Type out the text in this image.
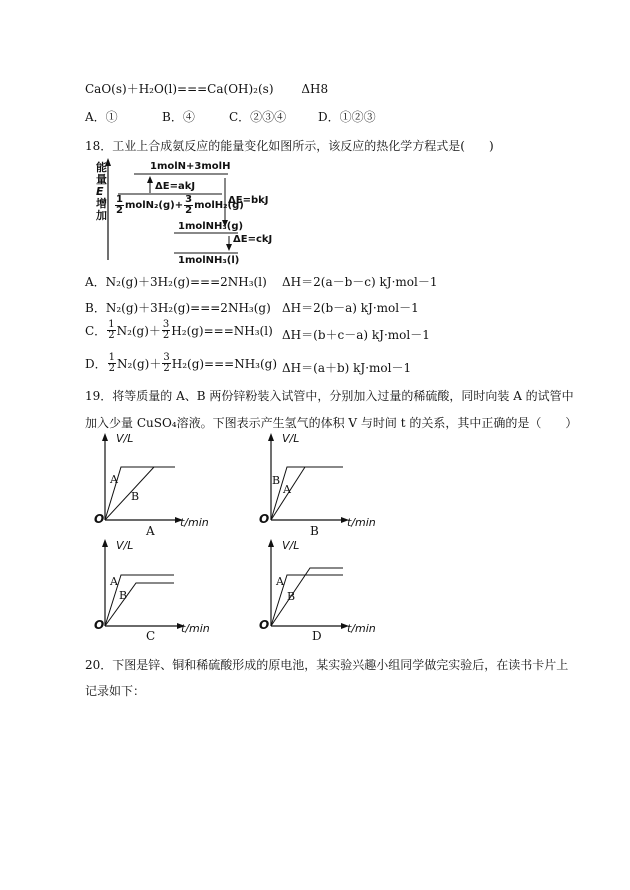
CaO(s)＋H₂O(l)===Ca(OH)₂(s) ΔH8
A．①	B．④	C．②③④	D．①②③
18．工业上合成氨反应的能量变化如图所示，该反应的热化学方程式是(　　)
能
量
E
增
加
1molN+3molH
ΔE=akJ
ΔE=bkJ
ΔE=ckJ
$\frac{1}{2}$ molN₂(g)+ $\frac{3}{2}$ molH₂(g)
1molNH₃(g)
1molNH₃(l)
A．N₂(g)＋3H₂(g)===2NH₃(l) ΔH＝2(a－b－c) kJ·mol－1
B．N₂(g)＋3H₂(g)===2NH₃(g) ΔH＝2(b－a) kJ·mol－1
C． $\frac{1}{2} N_2(g)+ \frac{3}{2} H_2(g)===NH_3(l)$ ΔH＝(b＋c－a) kJ·mol－1
D． $\frac{1}{2} N_2(g)+ \frac{3}{2} H_2(g)===NH_3(g)$ ΔH＝(a＋b) kJ·mol－1
19．将等质量的 A、B 两份锌粉装入试管中，分别加入过量的稀硫酸，同时向装 A 的试管中
加入少量 CuSO₄溶液。下图表示产生氢气的体积 V 与时间 t 的关系，其中正确的是（　　）
V/L
t/min
O
A
B
A
V/L
t/min
O
B
A
B
V/L
t/min
O
A
B
C
V/L
t/min
O
A
B
D
20．下图是锌、铜和稀硫酸形成的原电池，某实验兴趣小组同学做完实验后，在读书卡片上
记录如下：
